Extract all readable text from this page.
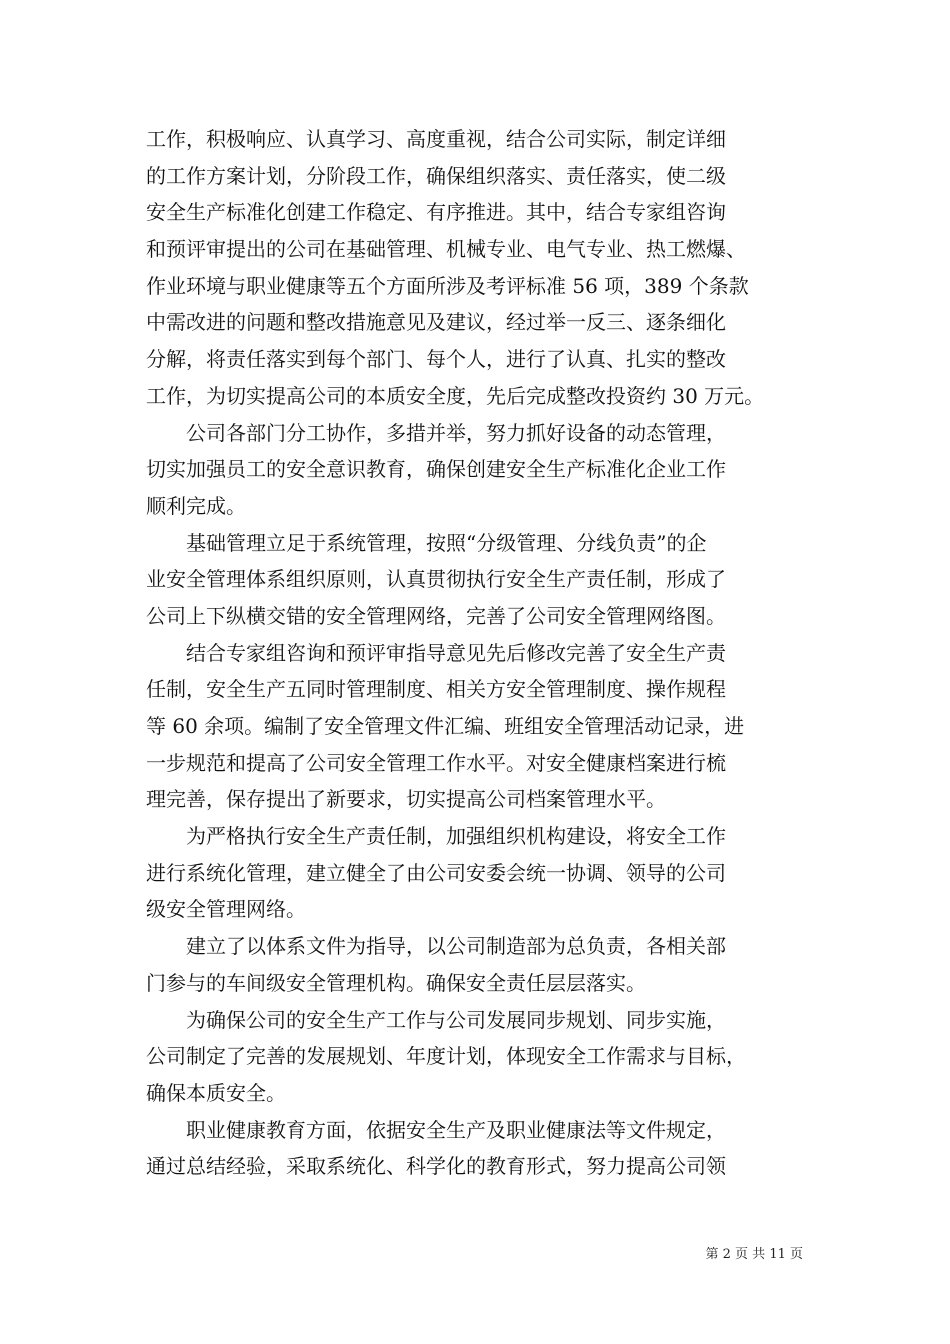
工作，积极响应、认真学习、高度重视，结合公司实际，制定详细
的工作方案计划，分阶段工作，确保组织落实、责任落实，使二级
安全生产标准化创建工作稳定、有序推进。其中，结合专家组咨询
和预评审提出的公司在基础管理、机械专业、电气专业、热工燃爆、
作业环境与职业健康等五个方面所涉及考评标准 56 项，389 个条款
中需改进的问题和整改措施意见及建议，经过举一反三、逐条细化
分解，将责任落实到每个部门、每个人，进行了认真、扎实的整改
工作，为切实提高公司的本质安全度，先后完成整改投资约 30 万元。
　　公司各部门分工协作，多措并举，努力抓好设备的动态管理，
切实加强员工的安全意识教育，确保创建安全生产标准化企业工作
顺利完成。
　　基础管理立足于系统管理，按照“分级管理、分线负责”的企
业安全管理体系组织原则，认真贯彻执行安全生产责任制，形成了
公司上下纵横交错的安全管理网络，完善了公司安全管理网络图。
　　结合专家组咨询和预评审指导意见先后修改完善了安全生产责
任制，安全生产五同时管理制度、相关方安全管理制度、操作规程
等 60 余项。编制了安全管理文件汇编、班组安全管理活动记录，进
一步规范和提高了公司安全管理工作水平。对安全健康档案进行梳
理完善，保存提出了新要求，切实提高公司档案管理水平。
　　为严格执行安全生产责任制，加强组织机构建设，将安全工作
进行系统化管理，建立健全了由公司安委会统一协调、领导的公司
级安全管理网络。
　　建立了以体系文件为指导，以公司制造部为总负责，各相关部
门参与的车间级安全管理机构。确保安全责任层层落实。
　　为确保公司的安全生产工作与公司发展同步规划、同步实施，
公司制定了完善的发展规划、年度计划，体现安全工作需求与目标，
确保本质安全。
　　职业健康教育方面，依据安全生产及职业健康法等文件规定，
通过总结经验，采取系统化、科学化的教育形式，努力提高公司领
第 2 页 共 11 页
